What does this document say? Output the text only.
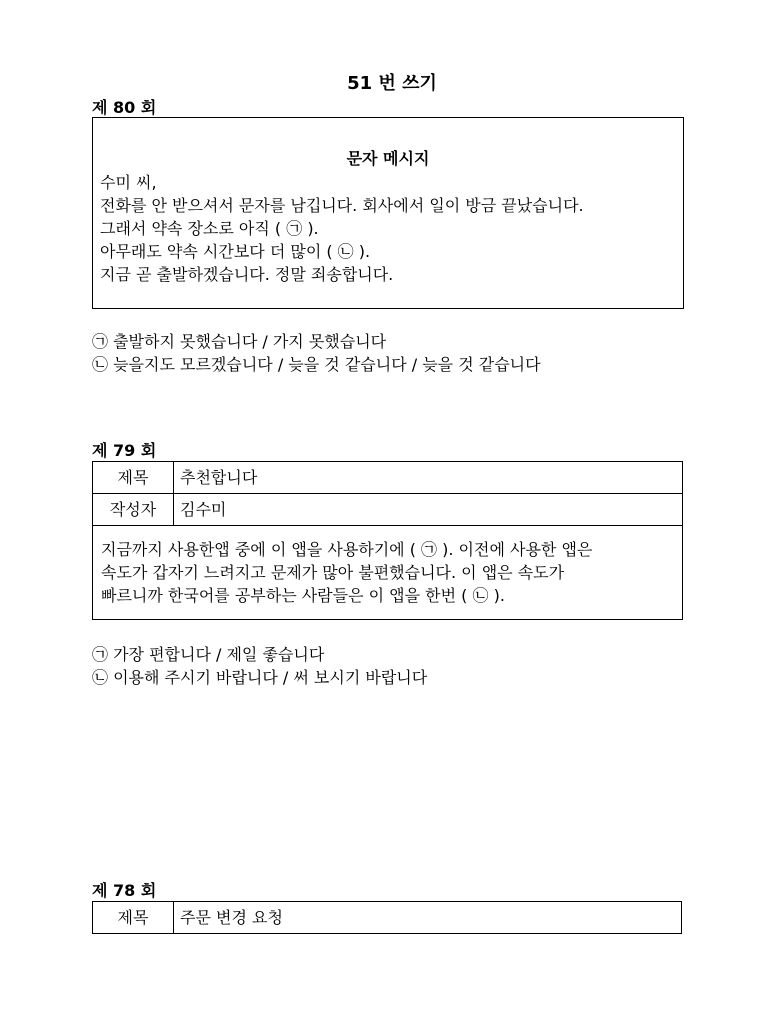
51 번 쓰기
제 80 회
문자 메시지
수미 씨,
전화를 안 받으셔서 문자를 남깁니다. 회사에서 일이 방금 끝났습니다.
그래서 약속 장소로 아직 ( ㉠ ).
아무래도 약속 시간보다 더 많이 ( ㉡ ).
지금 곧 출발하겠습니다. 정말 죄송합니다.
㉠ 출발하지 못했습니다 / 가지 못했습니다
㉡ 늦을지도 모르겠습니다 / 늦을 것 같습니다 / 늦을 것 같습니다
제 79 회
제목	추천합니다
작성자	김수미

지금까지 사용한앱 중에 이 앱을 사용하기에 ( ㉠ ). 이전에 사용한 앱은
속도가 갑자기 느려지고 문제가 많아 불편했습니다. 이 앱은 속도가
빠르니까 한국어를 공부하는 사람들은 이 앱을 한번 ( ㉡ ).	
㉠ 가장 편합니다 / 제일 좋습니다
㉡ 이용해 주시기 바랍니다 / 써 보시기 바랍니다
제 78 회
제목	주문 변경 요청
